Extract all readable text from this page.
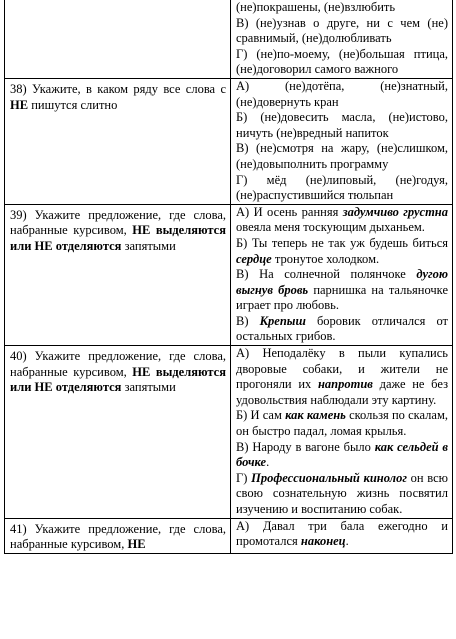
	(не)покрашены, (не)взлюбить

В) (не)узнав о друге, ни с чем (не) сравнимый, (не)долюбливать

Г) (не)по-моему, (не)большая птица, (не)договорил самого важного

38) Укажите, в каком ряду все слова с НЕ пишутся слитно	А) (не)дотёпа, (не)знатный, (не)довернуть кран

Б) (не)довесить масла, (не)истово, ничуть (не)вредный напиток

В) (не)смотря на жару, (не)слишком, (не)довыполнить программу

Г) мёд (не)липовый, (не)годуя, (не)распустившийся тюльпан

39) Укажите предложение, где слова, набранные курсивом, НЕ выделяются или НЕ отделяются запятыми	А) И осень ранняя задумчиво грустна овеяла меня тоскующим дыханьем.

Б) Ты теперь не так уж будешь биться сердце тронутое холодком.

В) На солнечной полянчоке дугою выгнув бровь парнишка на тальяночке играет про любовь.

В) Крепыш боровик отличался от остальных грибов.

40) Укажите предложение, где слова, набранные курсивом, НЕ выделяются или НЕ отделяются запятыми	А) Неподалёку в пыли купались дворовые собаки, и жители не прогоняли их напротив даже не без удовольствия наблюдали эту картину.

Б) И сам как камень скользя по скалам, он быстро падал, ломая крылья.

В) Народу в вагоне было как сельдей в бочке.

Г) Профессиональный кинолог он всю свою сознательную жизнь посвятил изучению и воспитанию собак.

41) Укажите предложение, где слова, набранные курсивом, НЕ	А) Давал три бала ежегодно и промотался наконец.
